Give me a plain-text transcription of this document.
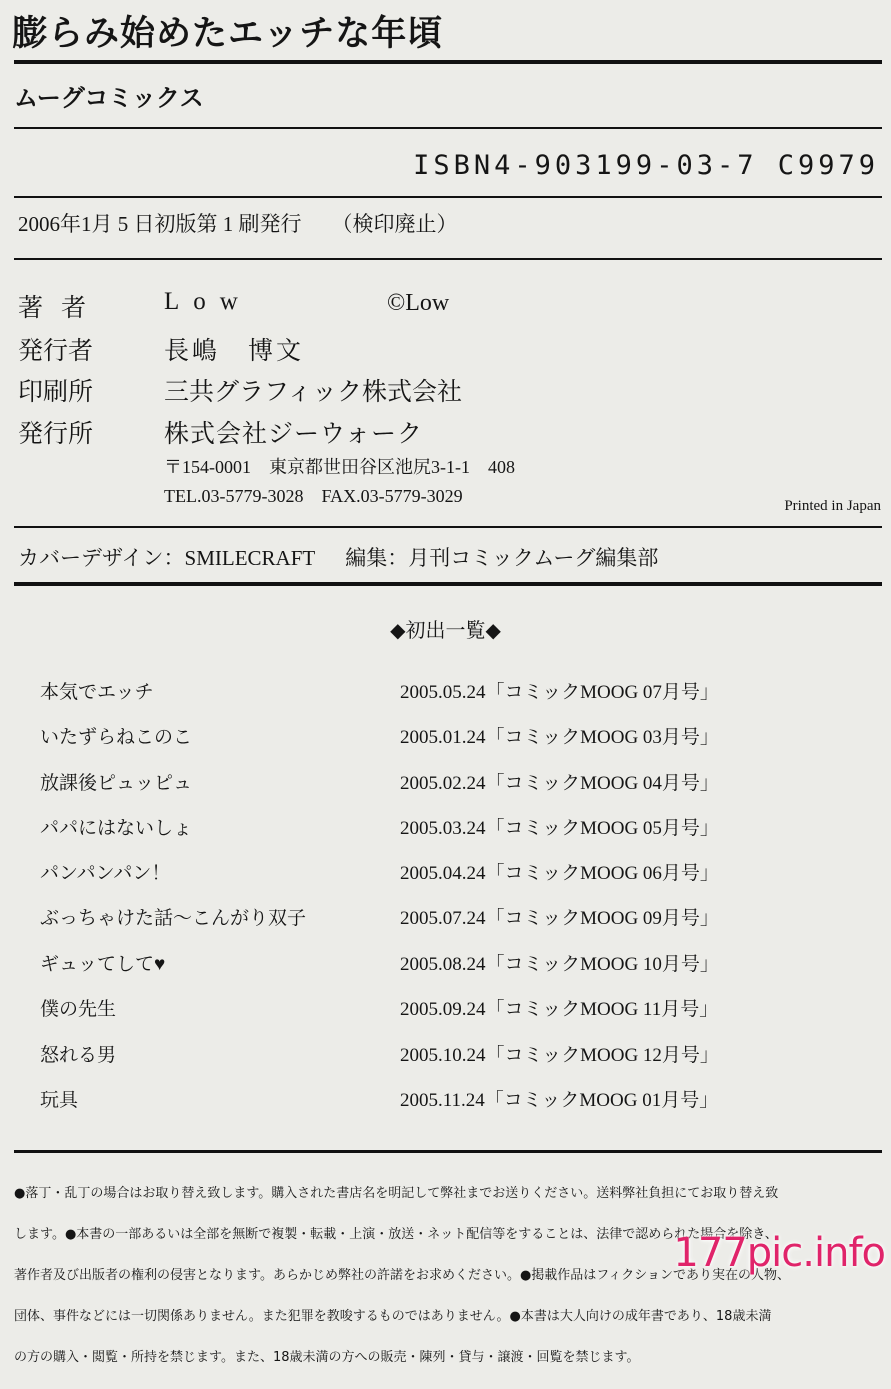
膨らみ始めたエッチな年頃
ムーグコミックス
ISBN4-903199-03-7 C9979
2006年1月 5 日初版第 1 刷発行 （検印廃止）
著者 Low	©Low
発行者	長嶋　博文
印刷所	三共グラフィック株式会社
発行所	株式会社ジーウォーク
〒154-0001　東京都世田谷区池尻3-1-1　408
TEL.03-5779-3028　FAX.03-5779-3029	Printed in Japan
カバーデザイン：SMILECRAFT 編集：月刊コミックムーグ編集部
◆初出一覧◆
本気でエッチ	2005.05.24「コミックMOOG 07月号」
いたずらねこのこ	2005.01.24「コミックMOOG 03月号」
放課後ピュッピュ	2005.02.24「コミックMOOG 04月号」
パパにはないしょ	2005.03.24「コミックMOOG 05月号」
パンパンパン！	2005.04.24「コミックMOOG 06月号」
ぶっちゃけた話～こんがり双子	2005.07.24「コミックMOOG 09月号」
ギュッてして♥	2005.08.24「コミックMOOG 10月号」
僕の先生	2005.09.24「コミックMOOG 11月号」
怒れる男	2005.10.24「コミックMOOG 12月号」
玩具	2005.11.24「コミックMOOG 01月号」

●落丁・乱丁の場合はお取り替え致します。購入された書店名を明記して弊社までお送りください。送料弊社負担にてお取り替え致

します。●本書の一部あるいは全部を無断で複製・転載・上演・放送・ネット配信等をすることは、法律で認められた場合を除き、

著作者及び出版者の権利の侵害となります。あらかじめ弊社の許諾をお求めください。●掲載作品はフィクションであり実在の人物、

団体、事件などには一切関係ありません。また犯罪を教唆するものではありません。●本書は大人向けの成年書であり、18歳未満

の方の購入・閲覧・所持を禁じます。また、18歳未満の方への販売・陳列・貸与・譲渡・回覧を禁じます。

177pic.info
